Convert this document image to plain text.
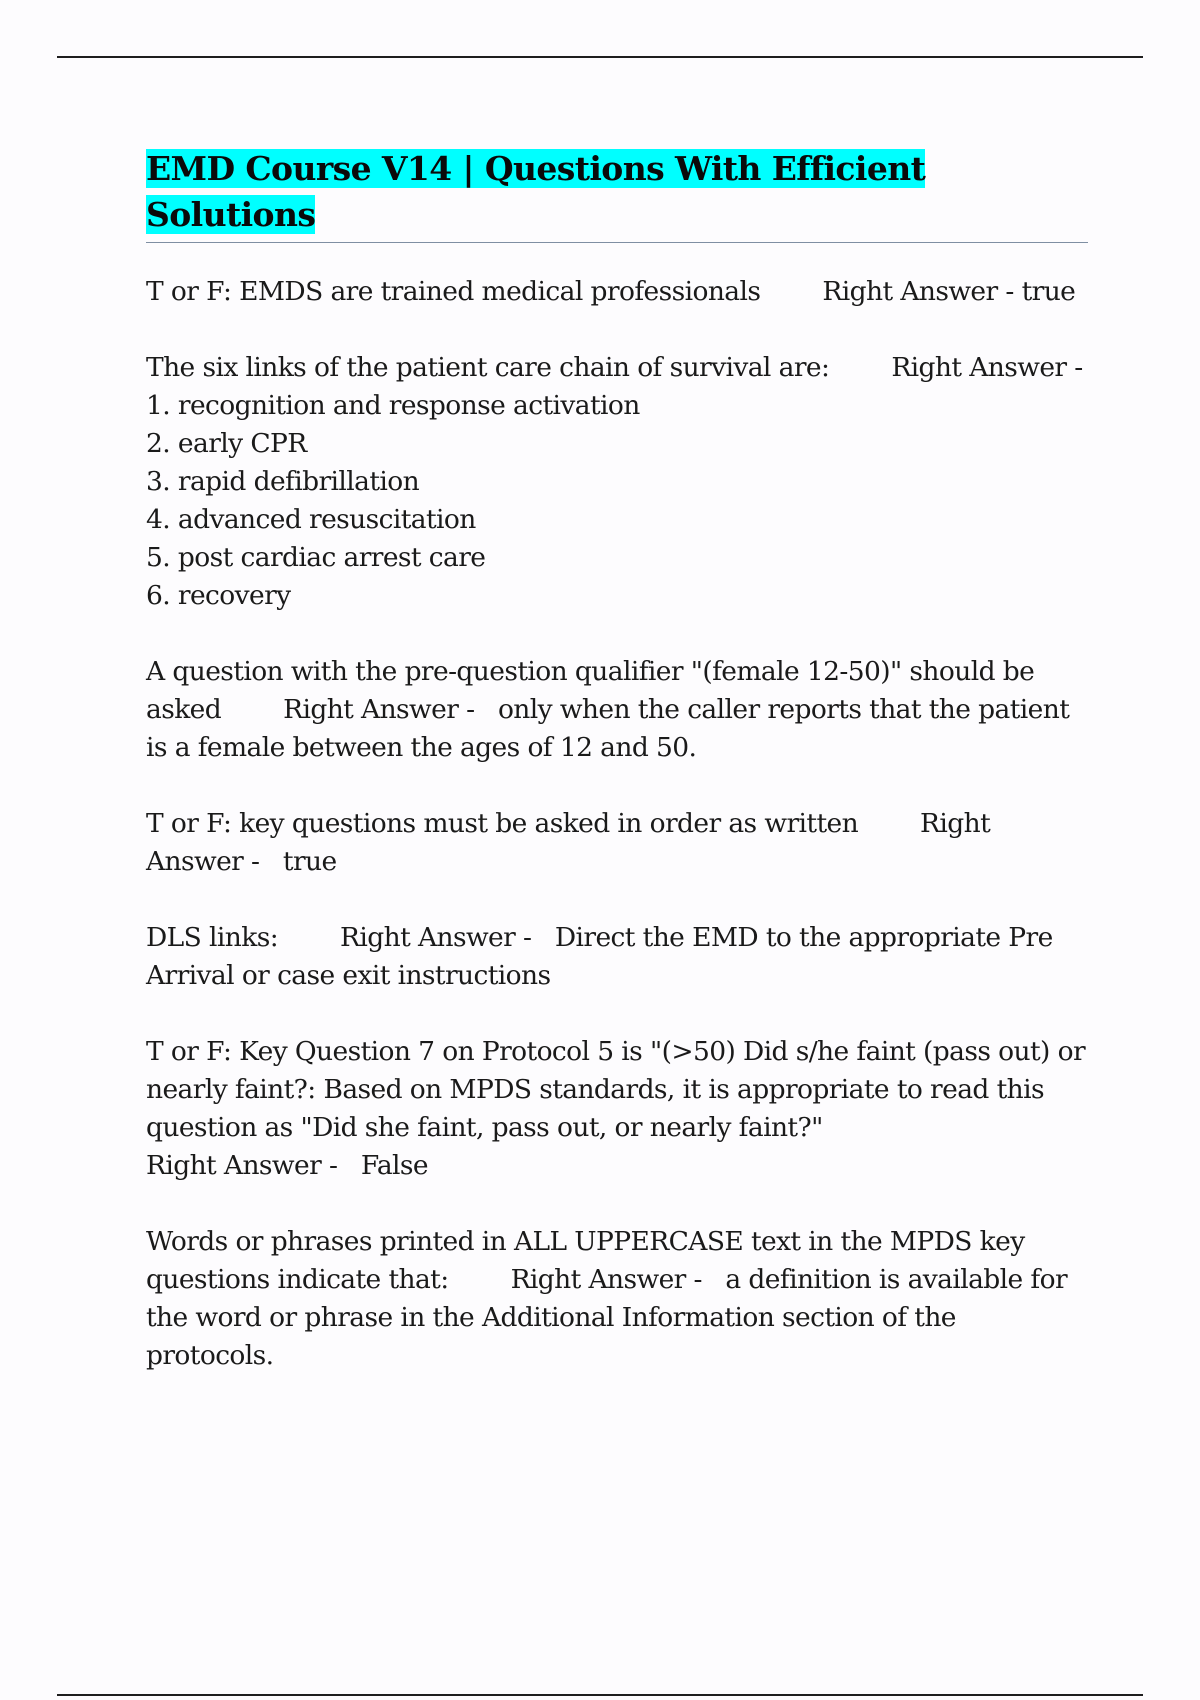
EMD Course V14 | Questions With Efficient Solutions

T or F: EMDS are trained medical professionals Right Answer - true

The six links of the patient care chain of survival are: Right Answer -   1. recognition and response activation

2. early CPR

3. rapid defibrillation

4. advanced resuscitation

5. post cardiac arrest care

6. recovery

A question with the pre-question qualifier "(female 12-50)" should be asked Right Answer - only when the caller reports that the patient is a female between the ages of 12 and 50.

T or F: key questions must be asked in order as written Right Answer - true

DLS links: Right Answer - Direct the EMD to the appropriate Pre Arrival or case exit instructions

T or F: Key Question 7 on Protocol 5 is "(>50) Did s/he faint (pass out) or nearly faint?: Based on MPDS standards, it is appropriate to read this question as "Did she faint, pass out, or nearly faint?"
Right Answer - False

Words or phrases printed in ALL UPPERCASE text in the MPDS key questions indicate that: Right Answer - a definition is available for the word or phrase in the Additional Information section of the protocols.
